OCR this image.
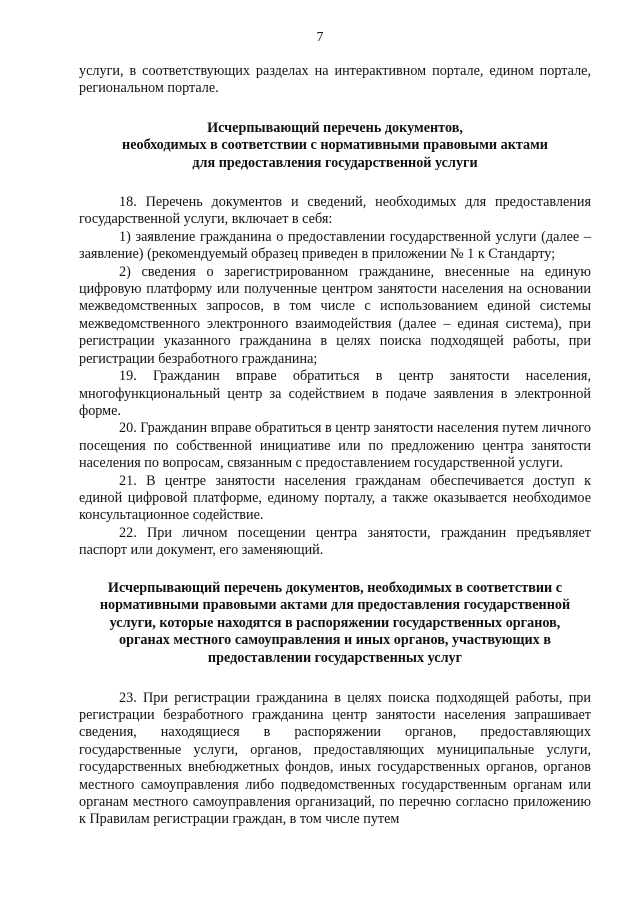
7

услуги, в соответствующих разделах на интерактивном портале, едином портале, региональном портале.

Исчерпывающий перечень документов,
необходимых в соответствии с нормативными правовыми актами
для предоставления государственной услуги

18. Перечень документов и сведений, необходимых для предоставления государственной услуги, включает в себя:

1) заявление гражданина о предоставлении государственной услуги (далее – заявление) (рекомендуемый образец приведен в приложении № 1 к Стандарту;

2) сведения о зарегистрированном гражданине, внесенные на единую цифровую платформу или полученные центром занятости населения на основании межведомственных запросов, в том числе с использованием единой системы межведомственного электронного взаимодействия (далее – единая система), при регистрации указанного гражданина в целях поиска подходящей работы, при регистрации безработного гражданина;

19. Гражданин вправе обратиться в центр занятости населения, многофункциональный центр за содействием в подаче заявления в электронной форме.

20. Гражданин вправе обратиться в центр занятости населения путем личного посещения по собственной инициативе или по предложению центра занятости населения по вопросам, связанным с предоставлением государственной услуги.

21. В центре занятости населения гражданам обеспечивается доступ к единой цифровой платформе, единому порталу, а также оказывается необходимое консультационное содействие.

22. При личном посещении центра занятости, гражданин предъявляет паспорт или документ, его заменяющий.

Исчерпывающий перечень документов, необходимых в соответствии с
нормативными правовыми актами для предоставления государственной
услуги, которые находятся в распоряжении государственных органов,
органах местного самоуправления и иных органов, участвующих в
предоставлении государственных услуг

23. При регистрации гражданина в целях поиска подходящей работы, при регистрации безработного гражданина центр занятости населения запрашивает сведения, находящиеся в распоряжении органов, предоставляющих государственные услуги, органов, предоставляющих муниципальные услуги, государственных внебюджетных фондов, иных государственных органов, органов местного самоуправления либо подведомственных государственным органам или органам местного самоуправления организаций, по перечню согласно приложению к Правилам регистрации граждан, в том числе путем
